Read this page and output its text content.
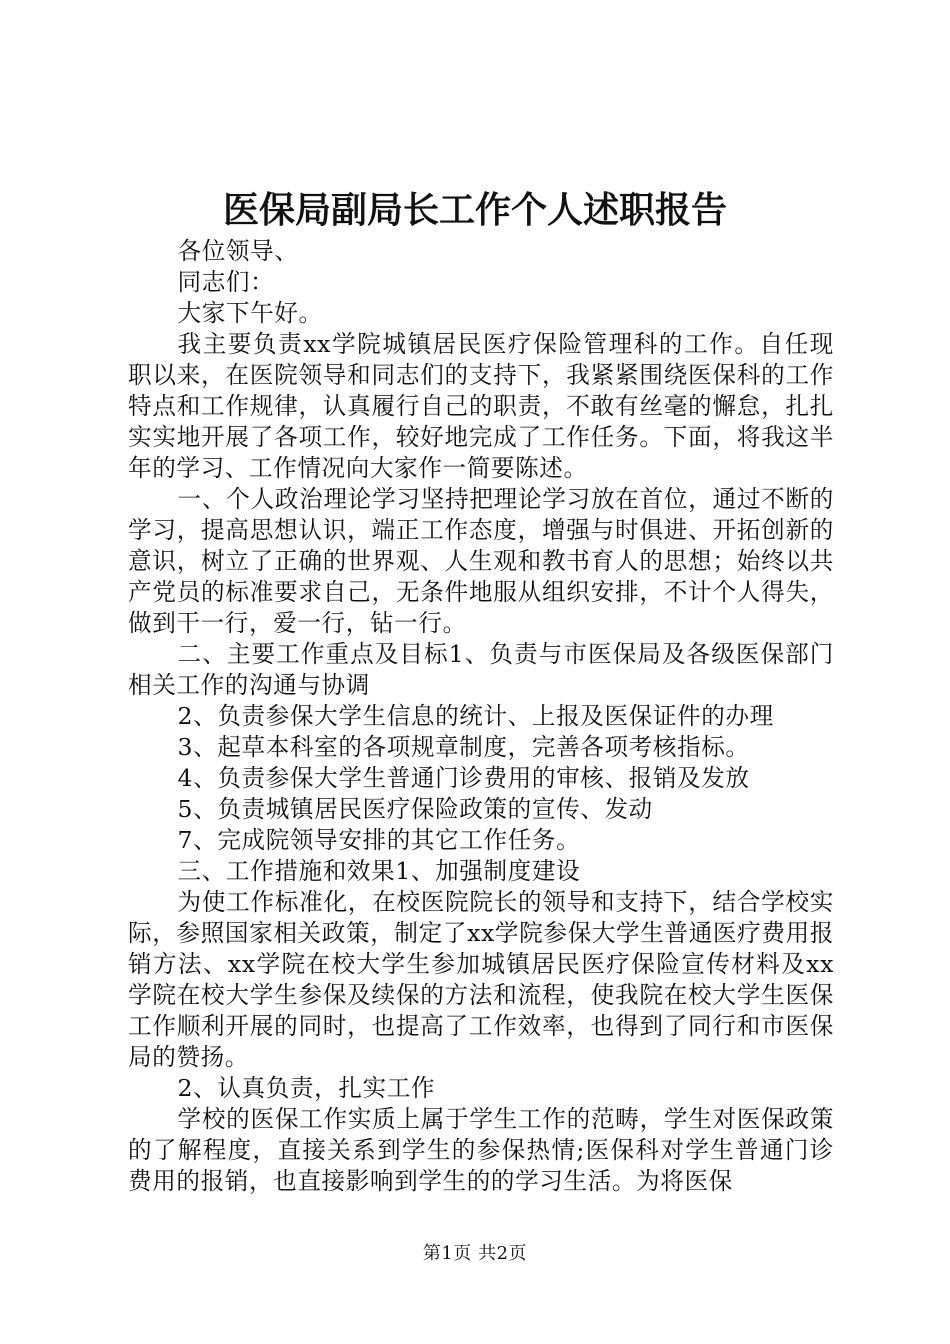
医保局副局长工作个人述职报告

各位领导、

同志们：

大家下午好。

我主要负责xx学院城镇居民医疗保险管理科的工作。自任现职以来，在医院领导和同志们的支持下，我紧紧围绕医保科的工作特点和工作规律，认真履行自己的职责，不敢有丝毫的懈怠，扎扎实实地开展了各项工作，较好地完成了工作任务。下面，将我这半年的学习、工作情况向大家作一简要陈述。

一、个人政治理论学习坚持把理论学习放在首位，通过不断的学习，提高思想认识，端正工作态度，增强与时俱进、开拓创新的意识，树立了正确的世界观、人生观和教书育人的思想；始终以共产党员的标准要求自己，无条件地服从组织安排，不计个人得失，做到干一行，爱一行，钻一行。

二、主要工作重点及目标1、负责与市医保局及各级医保部门相关工作的沟通与协调

2、负责参保大学生信息的统计、上报及医保证件的办理

3、起草本科室的各项规章制度，完善各项考核指标。

4、负责参保大学生普通门诊费用的审核、报销及发放

5、负责城镇居民医疗保险政策的宣传、发动

7、完成院领导安排的其它工作任务。

三、工作措施和效果1、加强制度建设

为使工作标准化，在校医院院长的领导和支持下，结合学校实际，参照国家相关政策，制定了xx学院参保大学生普通医疗费用报销方法、xx学院在校大学生参加城镇居民医疗保险宣传材料及xx学院在校大学生参保及续保的方法和流程，使我院在校大学生医保工作顺利开展的同时，也提高了工作效率，也得到了同行和市医保局的赞扬。

2、认真负责，扎实工作

学校的医保工作实质上属于学生工作的范畴，学生对医保政策的了解程度，直接关系到学生的参保热情;医保科对学生普通门诊费用的报销，也直接影响到学生的的学习生活。为将医保

第1页 共2页
